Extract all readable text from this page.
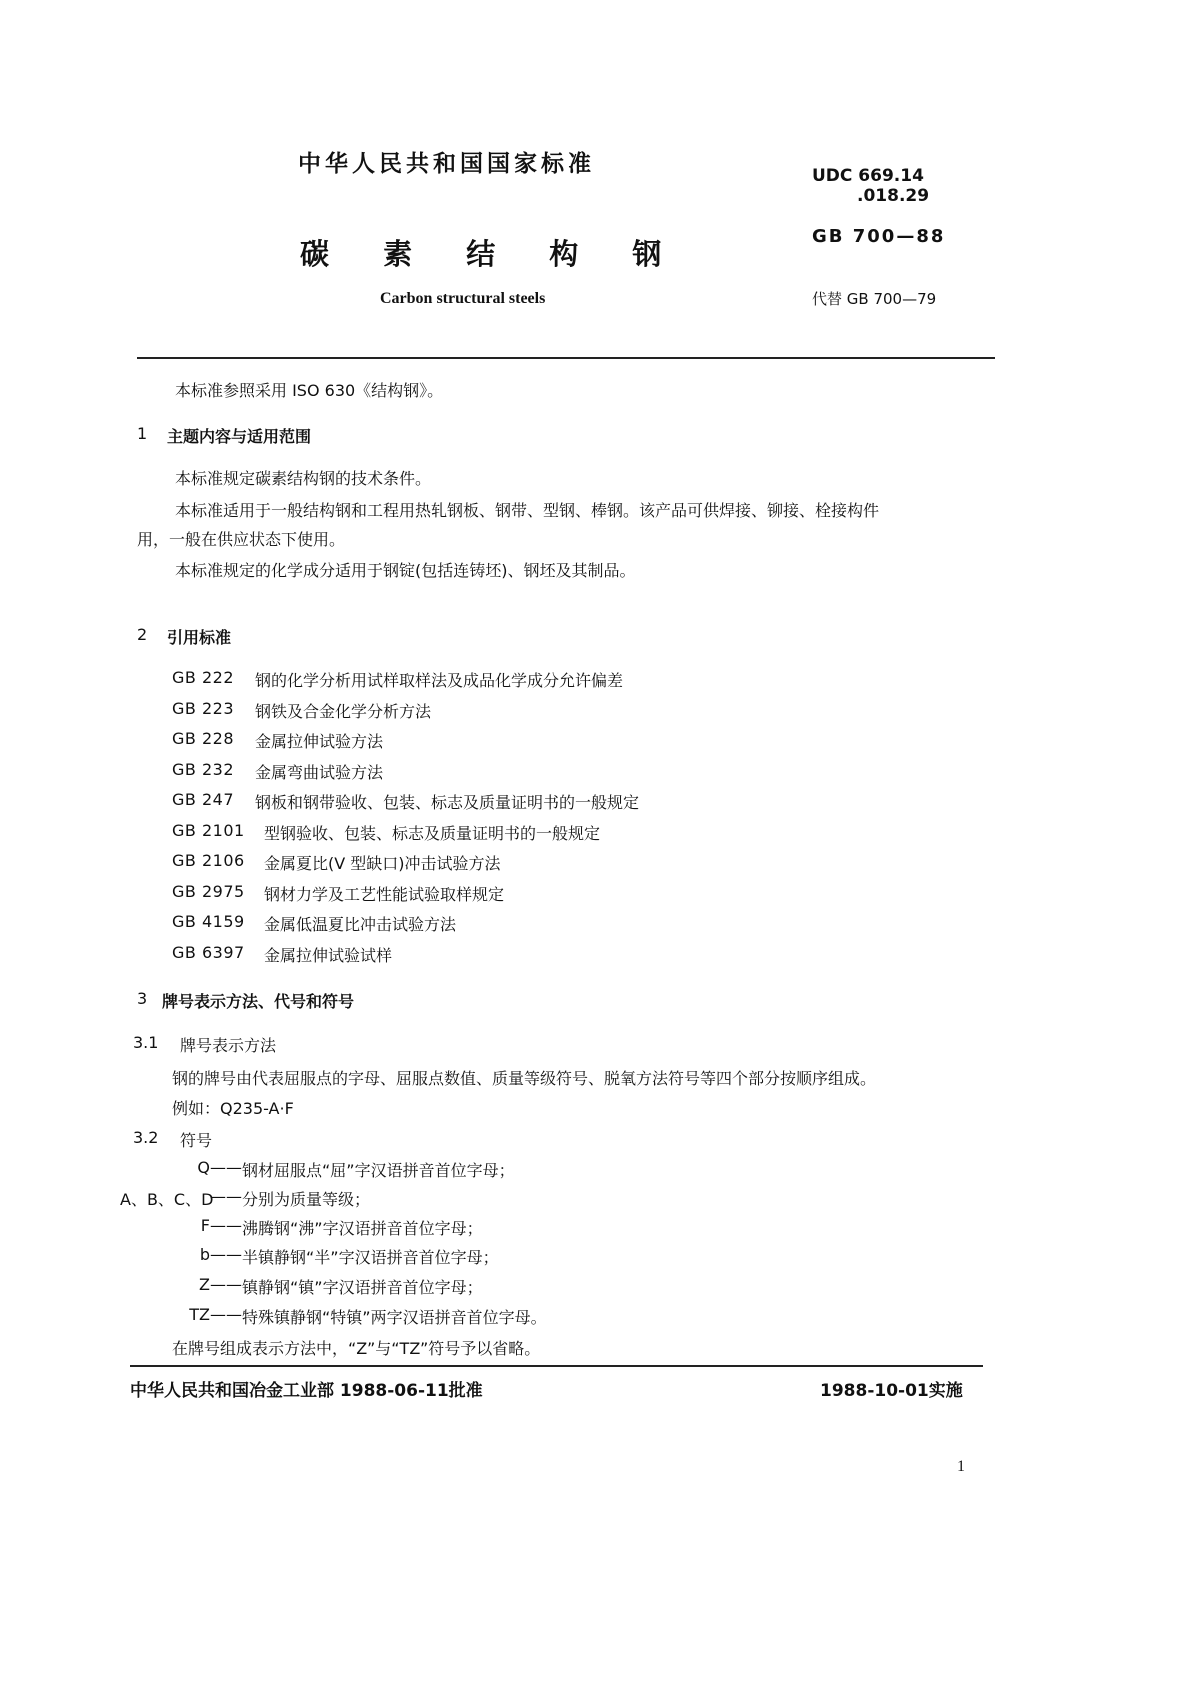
中华人民共和国国家标准
碳 素 结 构 钢
Carbon structural steels
UDC 669.14
.018.29
GB 700—88
代替 GB 700—79
本标准参照采用 ISO 630《结构钢》。
1 主题内容与适用范围
本标准规定碳素结构钢的技术条件。
本标准适用于一般结构钢和工程用热轧钢板、钢带、型钢、棒钢。该产品可供焊接、铆接、栓接构件
用，一般在供应状态下使用。
本标准规定的化学成分适用于钢锭(包括连铸坯)、钢坯及其制品。
2 引用标准
GB 222 钢的化学分析用试样取样法及成品化学成分允许偏差
GB 223 钢铁及合金化学分析方法
GB 228 金属拉伸试验方法
GB 232 金属弯曲试验方法
GB 247 钢板和钢带验收、包装、标志及质量证明书的一般规定
GB 2101 型钢验收、包装、标志及质量证明书的一般规定
GB 2106 金属夏比(V 型缺口)冲击试验方法
GB 2975 钢材力学及工艺性能试验取样规定
GB 4159 金属低温夏比冲击试验方法
GB 6397 金属拉伸试验试样
3 牌号表示方法、代号和符号
3.1 牌号表示方法
钢的牌号由代表屈服点的字母、屈服点数值、质量等级符号、脱氧方法符号等四个部分按顺序组成。
例如：Q235-A·F
3.2 符号
Q —— 钢材屈服点“屈”字汉语拼音首位字母；
A、B、C、D
—— 分别为质量等级；
F —— 沸腾钢“沸”字汉语拼音首位字母；
b —— 半镇静钢“半”字汉语拼音首位字母；
Z —— 镇静钢“镇”字汉语拼音首位字母；
TZ —— 特殊镇静钢“特镇”两字汉语拼音首位字母。
在牌号组成表示方法中，“Z”与“TZ”符号予以省略。
中华人民共和国冶金工业部 1988-06-11批准	1988-10-01实施
1
